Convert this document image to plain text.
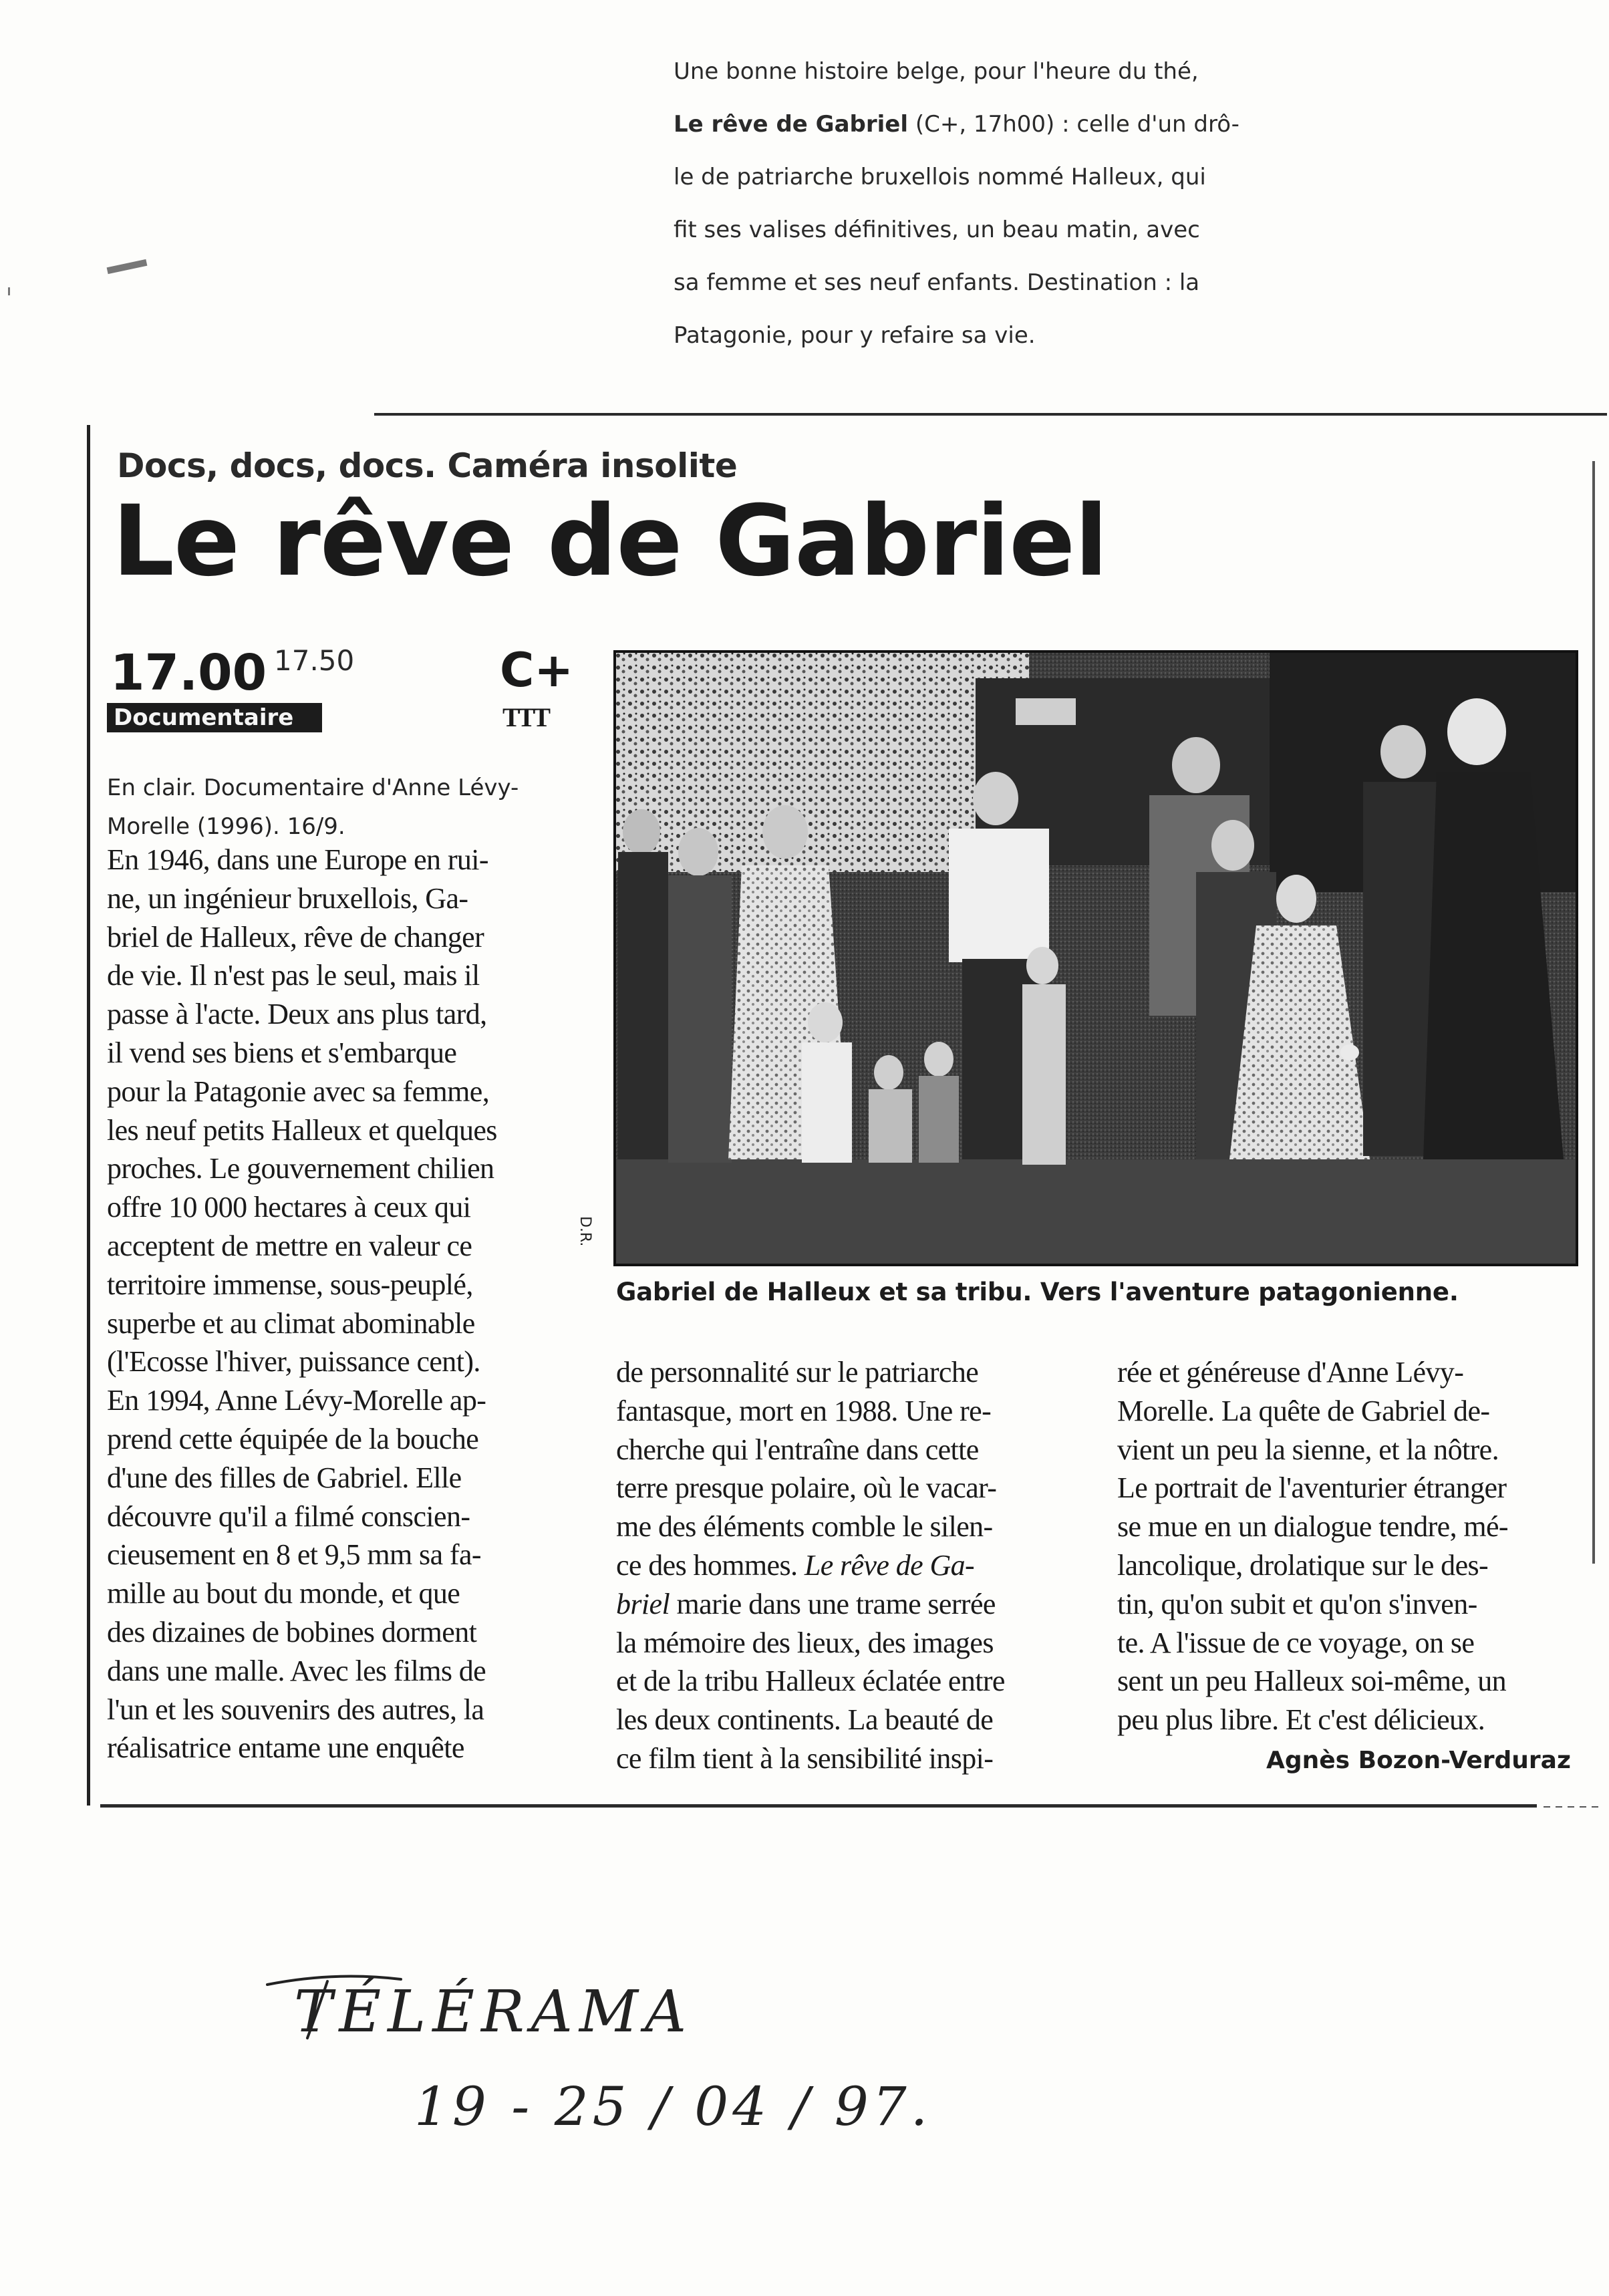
Une bonne histoire belge, pour l'heure du thé,
Le rêve de Gabriel (C+, 17h00) : celle d'un drô-
le de patriarche bruxellois nommé Halleux, qui
fit ses valises définitives, un beau matin, avec
sa femme et ses neuf enfants. Destination : la
Patagonie, pour y refaire sa vie.
Docs, docs, docs. Caméra insolite
Le rêve de Gabriel
17.00 17.50	C+
Documentaire	TTT
En clair. Documentaire d'Anne Lévy-
Morelle (1996). 16/9.

En 1946, dans une Europe en rui-

ne, un ingénieur bruxellois, Ga-

briel de Halleux, rêve de changer

de vie. Il n'est pas le seul, mais il

passe à l'acte. Deux ans plus tard,

il vend ses biens et s'embarque

pour la Patagonie avec sa femme,

les neuf petits Halleux et quelques

proches. Le gouvernement chilien

offre 10 000 hectares à ceux qui

acceptent de mettre en valeur ce

territoire immense, sous-peuplé,

superbe et au climat abominable

(l'Ecosse l'hiver, puissance cent).

En 1994, Anne Lévy-Morelle ap-

prend cette équipée de la bouche

d'une des filles de Gabriel. Elle

découvre qu'il a filmé conscien-

cieusement en 8 et 9,5 mm sa fa-

mille au bout du monde, et que

des dizaines de bobines dorment

dans une malle. Avec les films de

l'un et les souvenirs des autres, la

réalisatrice entame une enquête

de personnalité sur le patriarche

fantasque, mort en 1988. Une re-

cherche qui l'entraîne dans cette

terre presque polaire, où le vacar-

me des éléments comble le silen-

ce des hommes. Le rêve de Ga-

briel marie dans une trame serrée

la mémoire des lieux, des images

et de la tribu Halleux éclatée entre

les deux continents. La beauté de

ce film tient à la sensibilité inspi-

rée et généreuse d'Anne Lévy-

Morelle. La quête de Gabriel de-

vient un peu la sienne, et la nôtre.

Le portrait de l'aventurier étranger

se mue en un dialogue tendre, mé-

lancolique, drolatique sur le des-

tin, qu'on subit et qu'on s'inven-

te. A l'issue de ce voyage, on se

sent un peu Halleux soi-même, un

peu plus libre. Et c'est délicieux.

Agnès Bozon-Verduraz
D.R.
Gabriel de Halleux et sa tribu. Vers l'aventure patagonienne.
TÉLÉRAMA
19 - 25 / 04 / 97.
